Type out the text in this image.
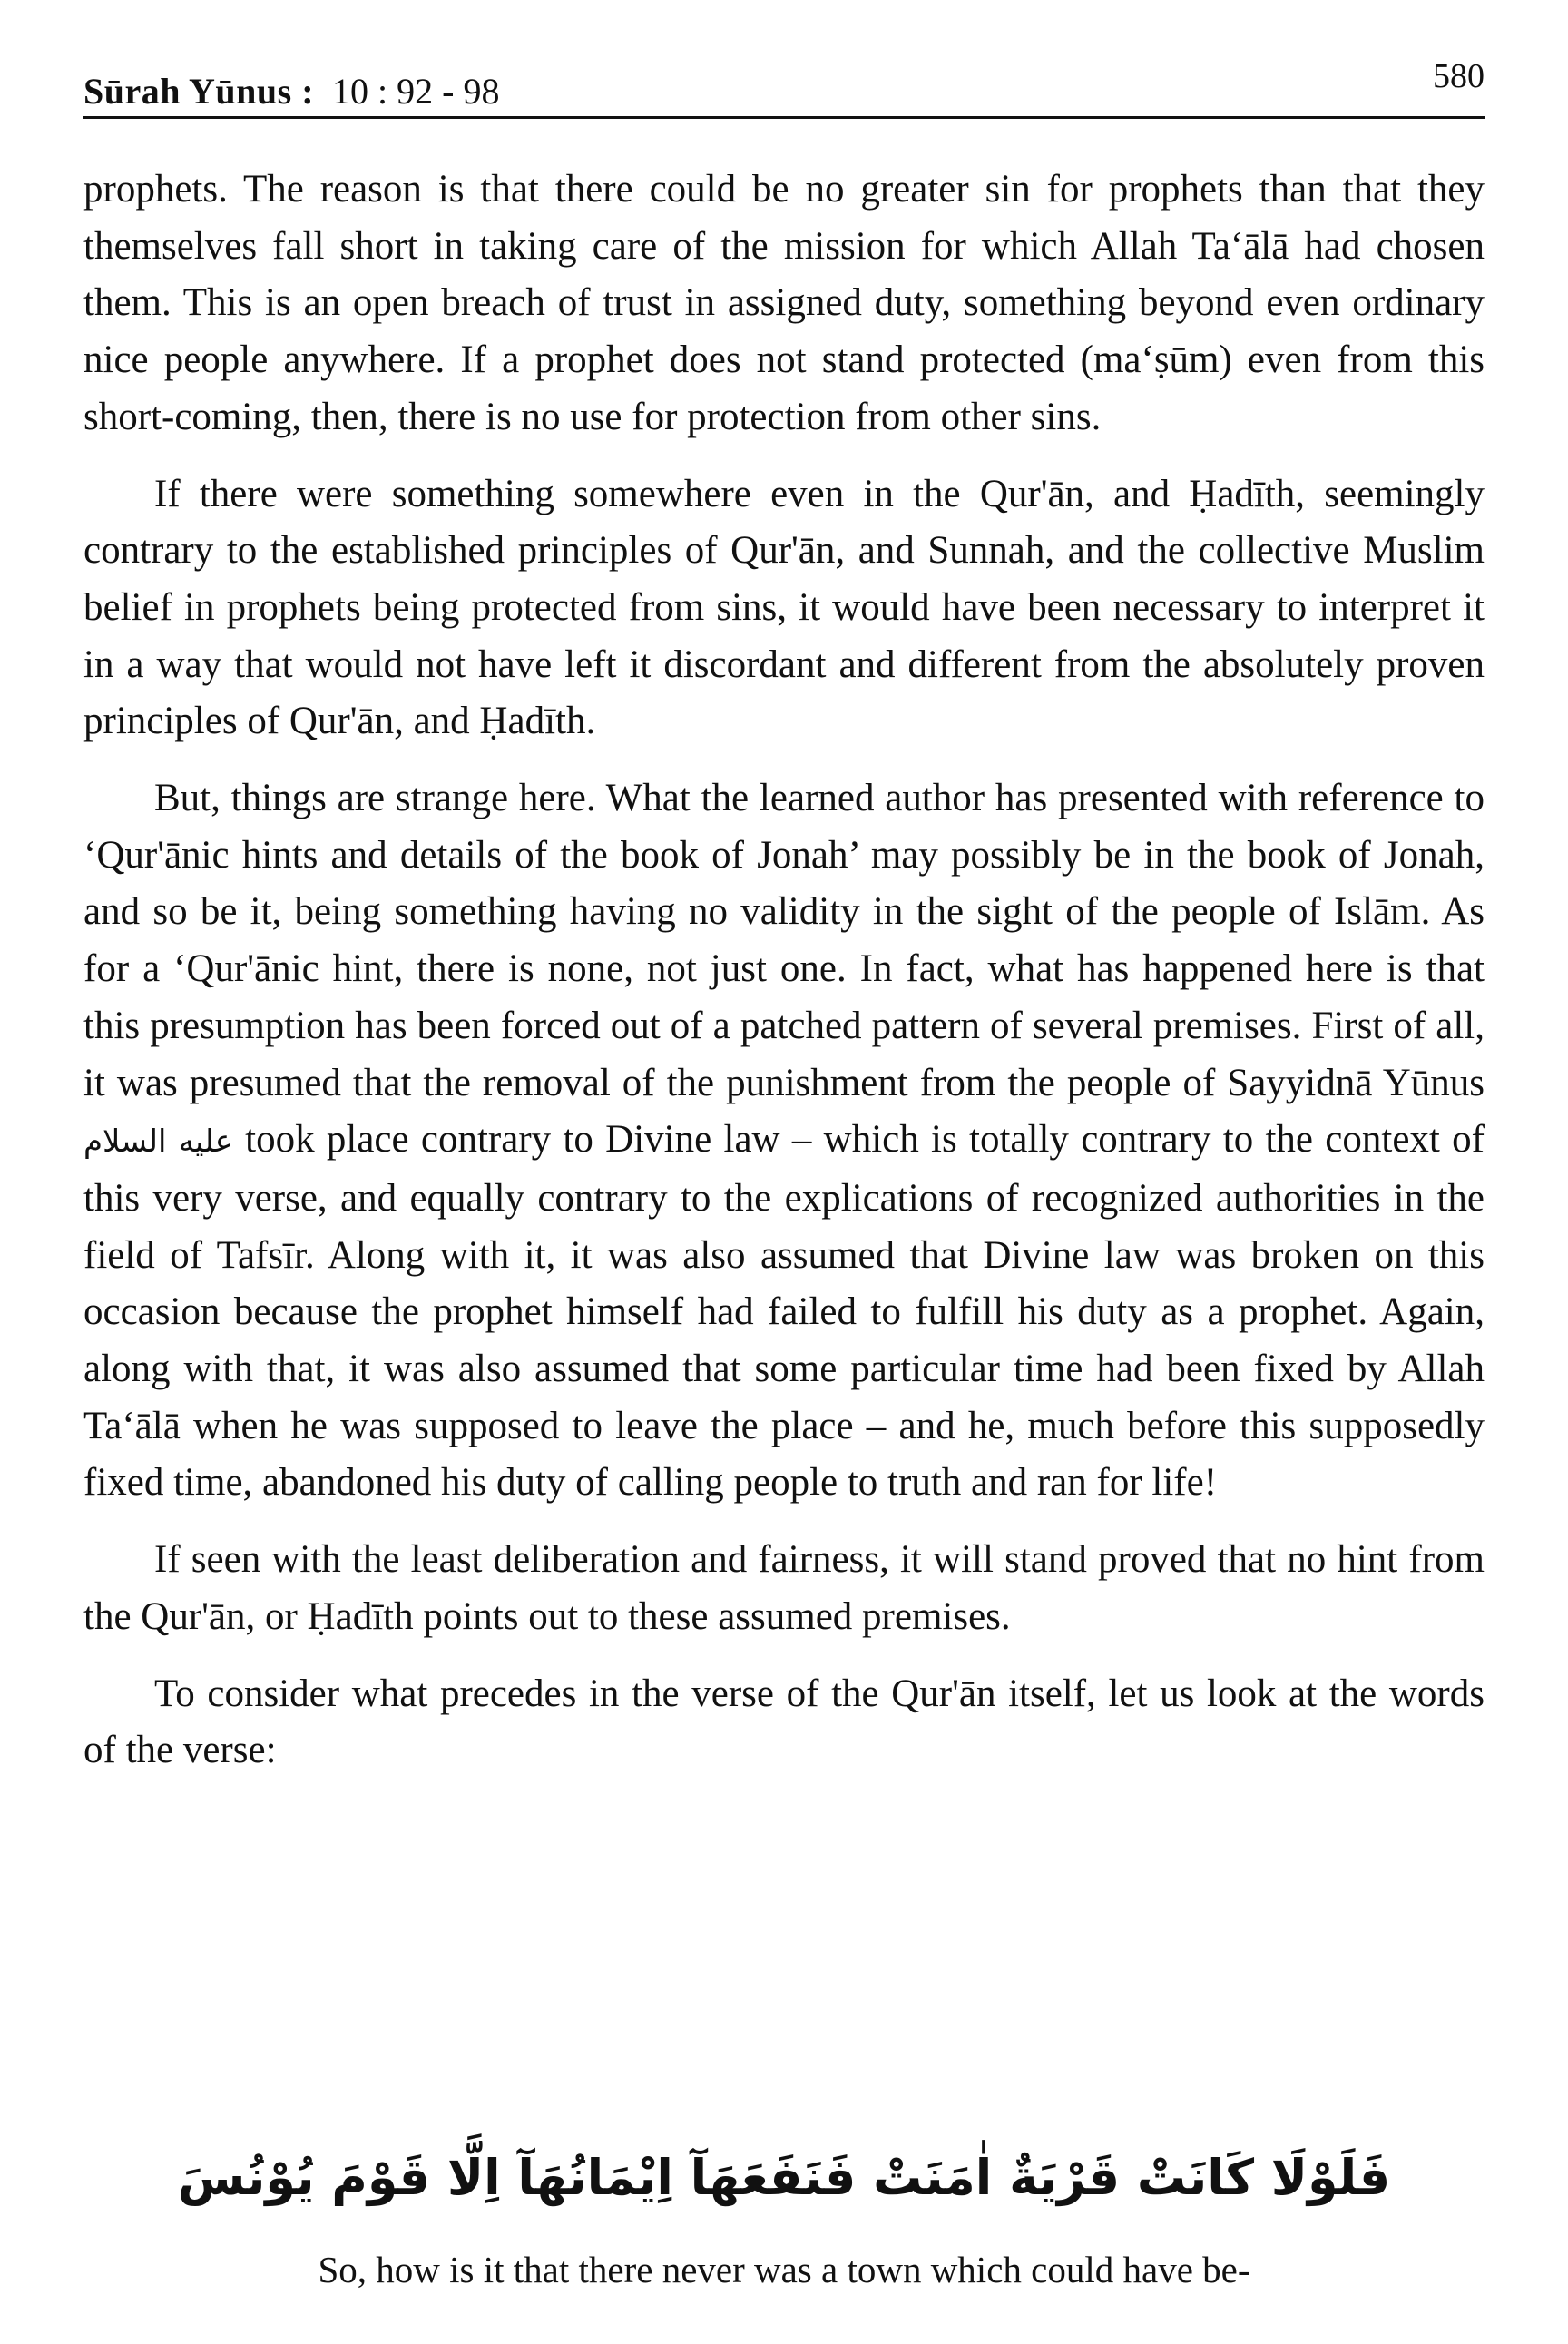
Sūrah Yūnus : 10 : 92 - 98	580

prophets. The reason is that there could be no greater sin for prophets than that they themselves fall short in taking care of the mission for which Allah Ta‘ālā had chosen them. This is an open breach of trust in assigned duty, something beyond even ordinary nice people anywhere. If a prophet does not stand protected (ma‘ṣūm) even from this short-coming, then, there is no use for protection from other sins.

If there were something somewhere even in the Qur'ān, and Ḥadīth, seemingly contrary to the established principles of Qur'ān, and Sunnah, and the collective Muslim belief in prophets being protected from sins, it would have been necessary to interpret it in a way that would not have left it discordant and different from the absolutely proven principles of Qur'ān, and Ḥadīth.

But, things are strange here. What the learned author has presented with reference to ‘Qur'ānic hints and details of the book of Jonah’ may possibly be in the book of Jonah, and so be it, being something having no validity in the sight of the people of Islām. As for a ‘Qur'ānic hint, there is none, not just one. In fact, what has happened here is that this presumption has been forced out of a patched pattern of several premises. First of all, it was presumed that the removal of the punishment from the people of Sayyidnā Yūnus عليه السلام took place contrary to Divine law – which is totally contrary to the context of this very verse, and equally contrary to the explications of recognized authorities in the field of Tafsīr. Along with it, it was also assumed that Divine law was broken on this occasion because the prophet himself had failed to fulfill his duty as a prophet. Again, along with that, it was also assumed that some particular time had been fixed by Allah Ta‘ālā when he was supposed to leave the place – and he, much before this supposedly fixed time, abandoned his duty of calling people to truth and ran for life!

If seen with the least deliberation and fairness, it will stand proved that no hint from the Qur'ān, or Ḥadīth points out to these assumed premises.

To consider what precedes in the verse of the Qur'ān itself, let us look at the words of the verse:

فَلَوْلَا كَانَتْ قَرْيَةٌ اٰمَنَتْ فَنَفَعَهَآ اِيْمَانُهَآ اِلَّا قَوْمَ يُوْنُسَ
So, how is it that there never was a town which could have be-
